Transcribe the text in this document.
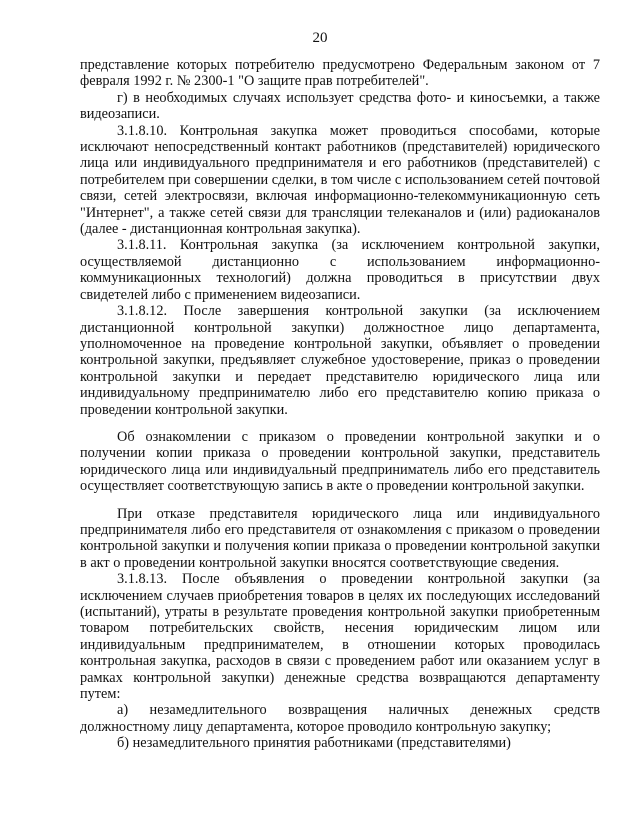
20

представление которых потребителю предусмотрено Федеральным законом от 7 февраля 1992 г. № 2300-1 "О защите прав потребителей".

г) в необходимых случаях использует средства фото- и киносъемки, а также видеозаписи.

3.1.8.10. Контрольная закупка может проводиться способами, которые исключают непосредственный контакт работников (представителей) юридического лица или индивидуального предпринимателя и его работников (представителей) с потребителем при совершении сделки, в том числе с использованием сетей почтовой связи, сетей электросвязи, включая информационно-телекоммуникационную сеть "Интернет", а также сетей связи для трансляции телеканалов и (или) радиоканалов (далее - дистанционная контрольная закупка).

3.1.8.11. Контрольная закупка (за исключением контрольной закупки, осуществляемой дистанционно с использованием информационно-коммуникационных технологий) должна проводиться в присутствии двух свидетелей либо с применением видеозаписи.

3.1.8.12. После завершения контрольной закупки (за исключением дистанционной контрольной закупки) должностное лицо департамента, уполномоченное на проведение контрольной закупки, объявляет о проведении контрольной закупки, предъявляет служебное удостоверение, приказ о проведении контрольной закупки и передает представителю юридического лица или индивидуальному предпринимателю либо его представителю копию приказа о проведении контрольной закупки.

Об ознакомлении с приказом о проведении контрольной закупки и о получении копии приказа о проведении контрольной закупки, представитель юридического лица или индивидуальный предприниматель либо его представитель осуществляет соответствующую запись в акте о проведении контрольной закупки.

При отказе представителя юридического лица или индивидуального предпринимателя либо его представителя от ознакомления с приказом о проведении контрольной закупки и получения копии приказа о проведении контрольной закупки в акт о проведении контрольной закупки вносятся соответствующие сведения.

3.1.8.13. После объявления о проведении контрольной закупки (за исключением случаев приобретения товаров в целях их последующих исследований (испытаний), утраты в результате проведения контрольной закупки приобретенным товаром потребительских свойств, несения юридическим лицом или индивидуальным предпринимателем, в отношении которых проводилась контрольная закупка, расходов в связи с проведением работ или оказанием услуг в рамках контрольной закупки) денежные средства возвращаются департаменту путем:

а) незамедлительного возвращения наличных денежных средств должностному лицу департамента, которое проводило контрольную закупку;

б) незамедлительного принятия работниками (представителями)
